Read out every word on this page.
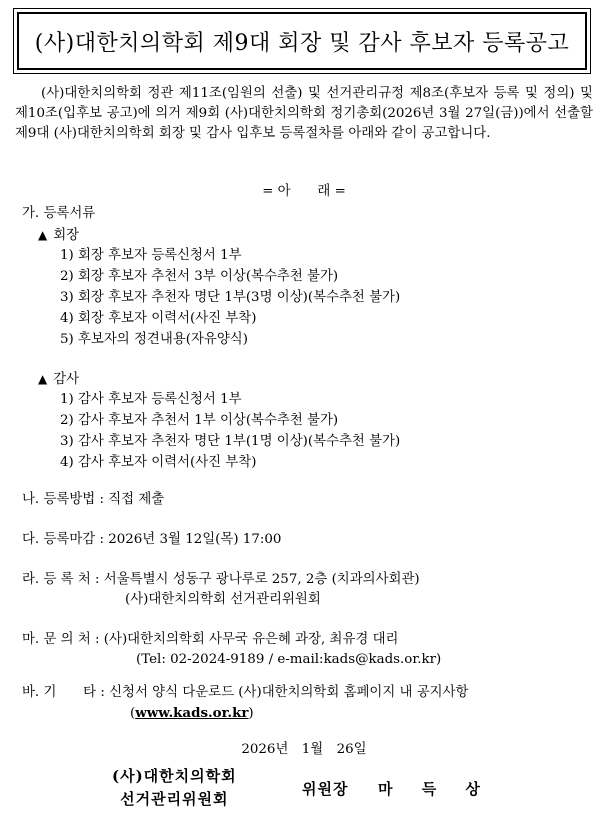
(사)대한치의학회 제9대 회장 및 감사 후보자 등록공고
(사)대한치의학회 정관 제11조(임원의 선출) 및 선거관리규정 제8조(후보자 등록 및 정의) 및 제10조(입후보 공고)에 의거 제9회 (사)대한치의학회 정기총회(2026년 3월 27일(금))에서 선출할 제9대 (사)대한치의학회 회장 및 감사 입후보 등록절차를 아래와 같이 공고합니다.
= 아　　래 =
가. 등록서류
▲ 회장
1) 회장 후보자 등록신청서 1부
2) 회장 후보자 추천서 3부 이상(복수추천 불가)
3) 회장 후보자 추천자 명단 1부(3명 이상)(복수추천 불가)
4) 회장 후보자 이력서(사진 부착)
5) 후보자의 정견내용(자유양식)
▲ 감사
1) 감사 후보자 등록신청서 1부
2) 감사 후보자 추천서 1부 이상(복수추천 불가)
3) 감사 후보자 추천자 명단 1부(1명 이상)(복수추천 불가)
4) 감사 후보자 이력서(사진 부착)
나. 등록방법 : 직접 제출
다. 등록마감 : 2026년 3월 12일(목) 17:00
라. 등 록 처 : 서울특별시 성동구 광나루로 257, 2층 (치과의사회관)
(사)대한치의학회 선거관리위원회
마. 문 의 처 : (사)대한치의학회 사무국 유은혜 과장, 최유경 대리
(Tel: 02-2024-9189 / e-mail:kads@kads.or.kr)
바. 기　　타 : 신청서 양식 다운로드 (사)대한치의학회 홈페이지 내 공지사항
(www.kads.or.kr)
2026년　1월　26일
(사)대한치의학회
선거관리위원회
위원장 마 득 상
